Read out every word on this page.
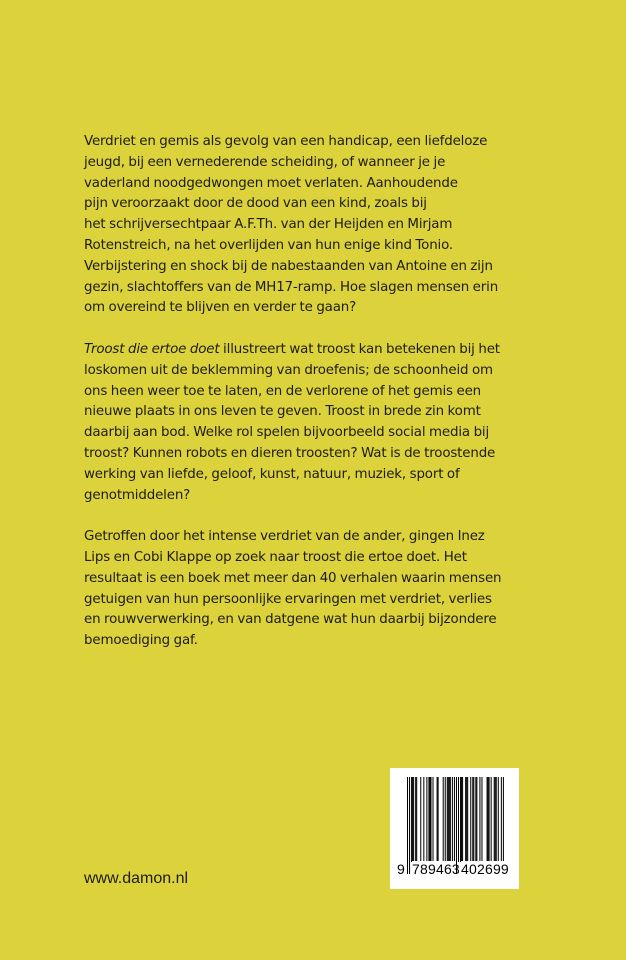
Verdriet en gemis als gevolg van een handicap, een liefdeloze
jeugd, bij een vernederende scheiding, of wanneer je je
vaderland noodgedwongen moet verlaten. Aanhoudende
pijn veroorzaakt door de dood van een kind, zoals bij
het schrijversechtpaar A.F.Th. van der Heijden en Mirjam
Rotenstreich, na het overlijden van hun enige kind Tonio.
Verbijstering en shock bij de nabestaanden van Antoine en zijn
gezin, slachtoffers van de MH17-ramp. Hoe slagen mensen erin
om overeind te blijven en verder te gaan?
Troost die ertoe doet illustreert wat troost kan betekenen bij het
loskomen uit de beklemming van droefenis; de schoonheid om
ons heen weer toe te laten, en de verlorene of het gemis een
nieuwe plaats in ons leven te geven. Troost in brede zin komt
daarbij aan bod. Welke rol spelen bijvoorbeeld social media bij
troost? Kunnen robots en dieren troosten? Wat is de troostende
werking van liefde, geloof, kunst, natuur, muziek, sport of
genotmiddelen?
Getroffen door het intense verdriet van de ander, gingen Inez
Lips en Cobi Klappe op zoek naar troost die ertoe doet. Het
resultaat is een boek met meer dan 40 verhalen waarin mensen
getuigen van hun persoonlijke ervaringen met verdriet, verlies
en rouwverwerking, en van datgene wat hun daarbij bijzondere
bemoediging gaf.
www.damon.nl
9 789463 402699
